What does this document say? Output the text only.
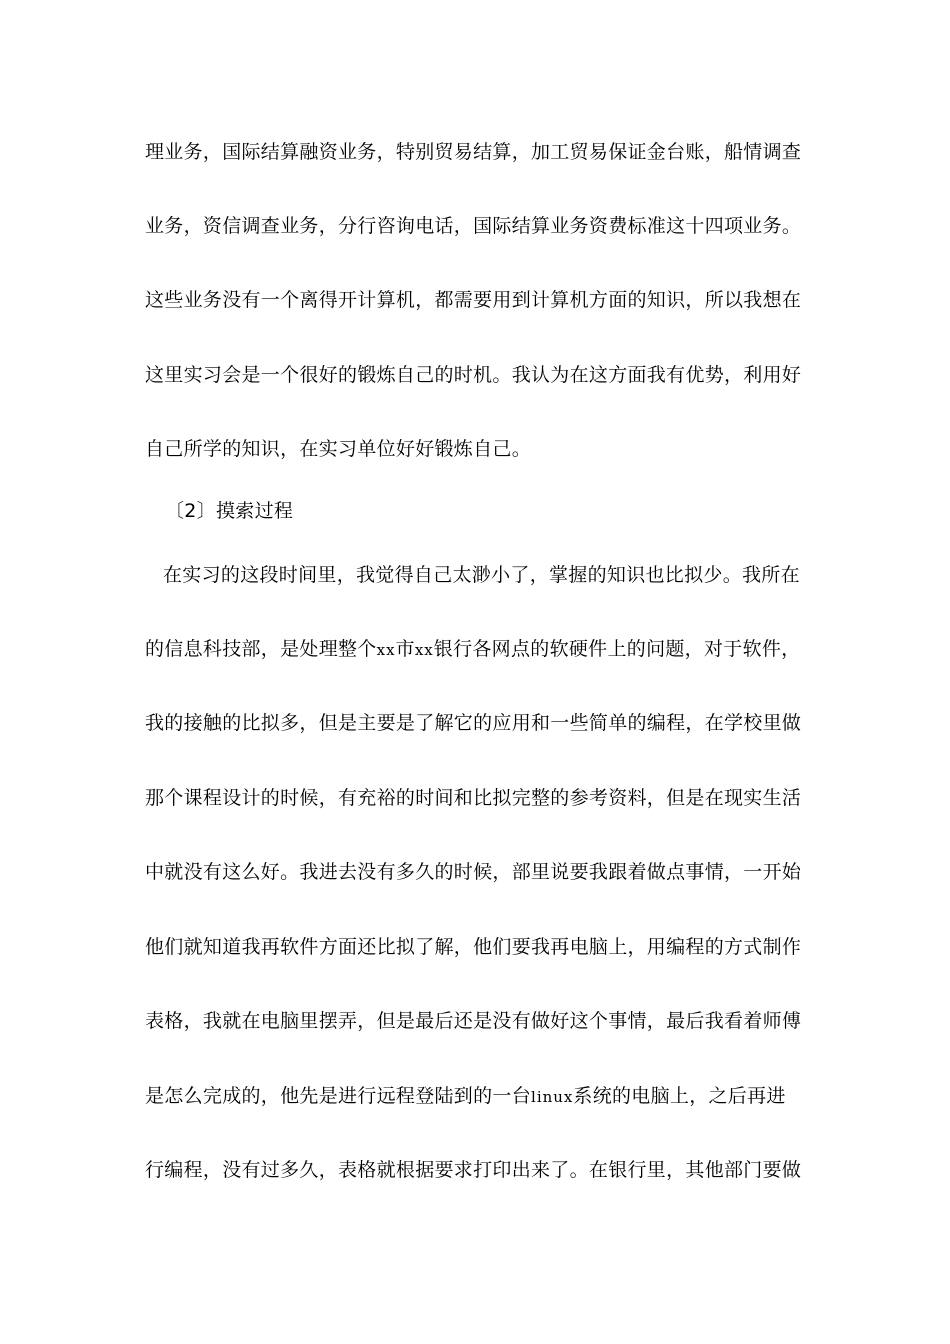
理业务，国际结算融资业务，特别贸易结算，加工贸易保证金台账，船情调查
业务，资信调查业务，分行咨询电话，国际结算业务资费标准这十四项业务。
这些业务没有一个离得开计算机，都需要用到计算机方面的知识，所以我想在
这里实习会是一个很好的锻炼自己的时机。我认为在这方面我有优势，利用好
自己所学的知识，在实习单位好好锻炼自己。
〔2〕摸索过程
在实习的这段时间里，我觉得自己太渺小了，掌握的知识也比拟少。我所在
的信息科技部，是处理整个xx市xx银行各网点的软硬件上的问题，对于软件，
我的接触的比拟多，但是主要是了解它的应用和一些简单的编程，在学校里做
那个课程设计的时候，有充裕的时间和比拟完整的参考资料，但是在现实生活
中就没有这么好。我进去没有多久的时候，部里说要我跟着做点事情，一开始
他们就知道我再软件方面还比拟了解，他们要我再电脑上，用编程的方式制作
表格，我就在电脑里摆弄，但是最后还是没有做好这个事情，最后我看着师傅
是怎么完成的，他先是进行远程登陆到的一台linux系统的电脑上，之后再进
行编程，没有过多久，表格就根据要求打印出来了。在银行里，其他部门要做
